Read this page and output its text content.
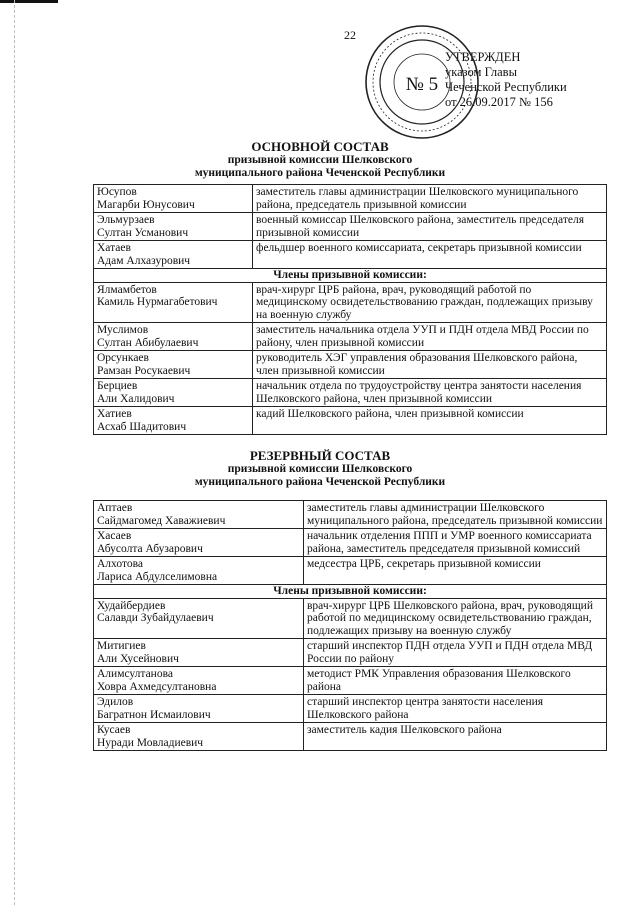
22
УТВЕРЖДЕН
указом Главы
Чеченской Республики
от 26.09.2017 № 156
№ 5
ОСНОВНОЙ СОСТАВ
призывной комиссии Шелковского
муниципального района Чеченской Республики
Юсупов
Магарби Юнусович	заместитель главы администрации Шелковского муниципального района, председатель призывной комиссии
Эльмурзаев
Султан Усманович	военный комиссар Шелковского района, заместитель председателя призывной комиссии
Хатаев
Адам Алхазурович	фельдшер военного комиссариата, секретарь призывной комиссии
Члены призывной комиссии:	
Ялмамбетов
Камиль Нурмагабетович	врач-хирург ЦРБ района, врач, руководящий работой по медицинскому освидетельствованию граждан, подлежащих призыву на военную службу
Муслимов
Султан Абибулаевич	заместитель начальника отдела УУП и ПДН отдела МВД России по району, член призывной комиссии
Орсункаев
Рамзан Росукаевич	руководитель ХЭГ управления образования Шелковского района, член призывной комиссии
Берциев
Али Халидович	начальник отдела по трудоустройству центра занятости населения Шелковского района, член призывной комиссии
Хатиев
Асхаб Шадитович	кадий Шелковского района, член призывной комиссии
РЕЗЕРВНЫЙ СОСТАВ
призывной комиссии Шелковского
муниципального района Чеченской Республики
Аптаев
Сайдмагомед Хаважиевич	заместитель главы администрации Шелковского муниципального района, председатель призывной комиссии
Хасаев
Абусолта Абузарович	начальник отделения ППП и УМР военного комиссариата района, заместитель председателя призывной комиссий
Алхотова
Лариса Абдулселимовна	медсестра ЦРБ, секретарь призывной комиссии
Члены призывной комиссии:	
Худайбердиев
Салавди Зубайдулаевич	врач-хирург ЦРБ Шелковского района, врач, руководящий работой по медицинскому освидетельствованию граждан, подлежащих призыву на военную службу
Митигиев
Али Хусейнович	старший инспектор ПДН отдела УУП и ПДН отдела МВД России по району
Алимсултанова
Ховра Ахмедсултановна	методист РМК Управления образования Шелковского района
Эдилов
Багратнон Исмаилович	старший инспектор центра занятости населения Шелковского района
Кусаев
Нуради Мовладиевич	заместитель кадия Шелковского района
